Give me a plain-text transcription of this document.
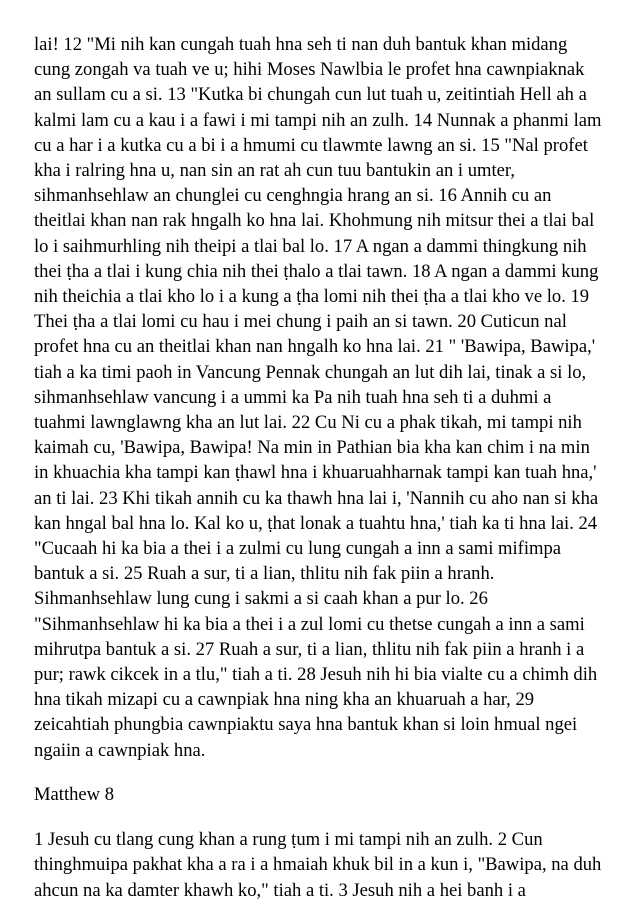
lai! 12 "Mi nih kan cungah tuah hna seh ti nan duh bantuk khan midang cung zongah va tuah ve u; hihi Moses Nawlbia le profet hna cawnpiaknak an sullam cu a si. 13 "Kutka bi chungah cun lut tuah u, zeitintiah Hell ah a kalmi lam cu a kau i a fawi i mi tampi nih an zulh. 14 Nunnak a phanmi lam cu a har i a kutka cu a bi i a hmumi cu tlawmte lawng an si. 15 "Nal profet kha i ralring hna u, nan sin an rat ah cun tuu bantukin an i umter, sihmanhsehlaw an chunglei cu cenghngia hrang an si. 16 Annih cu an theitlai khan nan rak hngalh ko hna lai. Khohmung nih mitsur thei a tlai bal lo i saihmurhling nih theipi a tlai bal lo. 17 A ngan a dammi thingkung nih thei ṭha a tlai i kung chia nih thei ṭhalo a tlai tawn. 18 A ngan a dammi kung nih theichia a tlai kho lo i a kung a ṭha lomi nih thei ṭha a tlai kho ve lo. 19 Thei ṭha a tlai lomi cu hau i mei chung i paih an si tawn. 20 Cuticun nal profet hna cu an theitlai khan nan hngalh ko hna lai. 21 " 'Bawipa, Bawipa,' tiah a ka timi paoh in Vancung Pennak chungah an lut dih lai, tinak a si lo, sihmanhsehlaw vancung i a ummi ka Pa nih tuah hna seh ti a duhmi a tuahmi lawnglawng kha an lut lai. 22 Cu Ni cu a phak tikah, mi tampi nih kaimah cu, 'Bawipa, Bawipa! Na min in Pathian bia kha kan chim i na min in khuachia kha tampi kan ṭhawl hna i khuaruahharnak tampi kan tuah hna,' an ti lai. 23 Khi tikah annih cu ka thawh hna lai i, 'Nannih cu aho nan si kha kan hngal bal hna lo. Kal ko u, ṭhat lonak a tuahtu hna,' tiah ka ti hna lai. 24 "Cucaah hi ka bia a thei i a zulmi cu lung cungah a inn a sami mifimpa bantuk a si. 25 Ruah a sur, ti a lian, thlitu nih fak piin a hranh. Sihmanhsehlaw lung cung i sakmi a si caah khan a pur lo. 26 "Sihmanhsehlaw hi ka bia a thei i a zul lomi cu thetse cungah a inn a sami mihrutpa bantuk a si. 27 Ruah a sur, ti a lian, thlitu nih fak piin a hranh i a pur; rawk cikcek in a tlu," tiah a ti. 28 Jesuh nih hi bia vialte cu a chimh dih hna tikah mizapi cu a cawnpiak hna ning kha an khuaruah a har, 29 zeicahtiah phungbia cawnpiaktu saya hna bantuk khan si loin hmual ngei ngaiin a cawnpiak hna.

Matthew 8

1 Jesuh cu tlang cung khan a rung ṭum i mi tampi nih an zulh. 2 Cun thinghmuipa pakhat kha a ra i a hmaiah khuk bil in a kun i, "Bawipa, na duh ahcun na ka damter khawh ko," tiah a ti. 3 Jesuh nih a hei banh i a
